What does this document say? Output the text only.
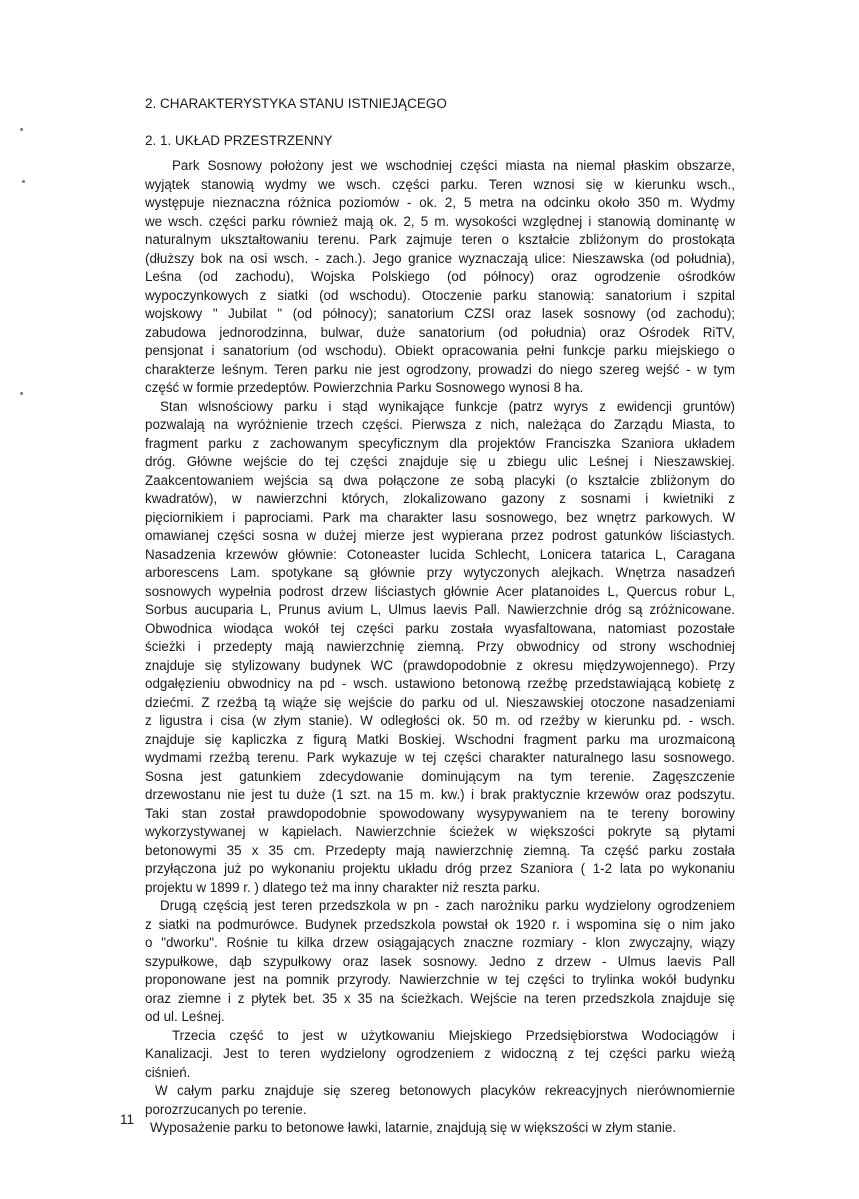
2. CHARAKTERYSTYKA STANU ISTNIEJĄCEGO
2. 1. UKŁAD PRZESTRZENNY
Park Sosnowy położony jest we wschodniej części miasta na niemal płaskim obszarze,
wyjątek stanowią wydmy we wsch. części parku. Teren wznosi się w kierunku wsch.,
występuje nieznaczna różnica poziomów - ok. 2, 5 metra na odcinku około 350 m. Wydmy
we wsch. części parku również mają ok. 2, 5 m. wysokości względnej i stanowią dominantę w
naturalnym ukształtowaniu terenu. Park zajmuje teren o kształcie zbliżonym do prostokąta
(dłuższy bok na osi wsch. - zach.). Jego granice wyznaczają ulice: Nieszawska (od południa),
Leśna (od zachodu), Wojska Polskiego (od północy) oraz ogrodzenie ośrodków
wypoczynkowych z siatki (od wschodu). Otoczenie parku stanowią: sanatorium i szpital
wojskowy " Jubilat " (od północy); sanatorium CZSI oraz lasek sosnowy (od zachodu);
zabudowa jednorodzinna, bulwar, duże sanatorium (od południa) oraz Ośrodek RiTV,
pensjonat i sanatorium (od wschodu). Obiekt opracowania pełni funkcje parku miejskiego o
charakterze leśnym. Teren parku nie jest ogrodzony, prowadzi do niego szereg wejść - w tym
część w formie przedeptów. Powierzchnia Parku Sosnowego wynosi 8 ha.
Stan wlsnościowy parku i stąd wynikające funkcje (patrz wyrys z ewidencji gruntów)
pozwalają na wyróżnienie trzech części. Pierwsza z nich, należąca do Zarządu Miasta, to
fragment parku z zachowanym specyficznym dla projektów Franciszka Szaniora układem
dróg. Główne wejście do tej części znajduje się u zbiegu ulic Leśnej i Nieszawskiej.
Zaakcentowaniem wejścia są dwa połączone ze sobą placyki (o kształcie zbliżonym do
kwadratów), w nawierzchni których, zlokalizowano gazony z sosnami i kwietniki z
pięciornikiem i paprociami. Park ma charakter lasu sosnowego, bez wnętrz parkowych. W
omawianej części sosna w dużej mierze jest wypierana przez podrost gatunków liściastych.
Nasadzenia krzewów głównie: Cotoneaster lucida Schlecht, Lonicera tatarica L, Caragana
arborescens Lam. spotykane są głównie przy wytyczonych alejkach. Wnętrza nasadzeń
sosnowych wypełnia podrost drzew liściastych głównie Acer platanoides L, Quercus robur L,
Sorbus aucuparia L, Prunus avium L, Ulmus laevis Pall. Nawierzchnie dróg są zróżnicowane.
Obwodnica wiodąca wokół tej części parku została wyasfaltowana, natomiast pozostałe
ścieżki i przedepty mają nawierzchnię ziemną. Przy obwodnicy od strony wschodniej
znajduje się stylizowany budynek WC (prawdopodobnie z okresu międzywojennego). Przy
odgałęzieniu obwodnicy na pd - wsch. ustawiono betonową rzeźbę przedstawiającą kobietę z
dziećmi. Z rzeźbą tą wiąże się wejście do parku od ul. Nieszawskiej otoczone nasadzeniami
z ligustra i cisa (w złym stanie). W odległości ok. 50 m. od rzeźby w kierunku pd. - wsch.
znajduje się kapliczka z figurą Matki Boskiej. Wschodni fragment parku ma urozmaiconą
wydmami rzeźbą terenu. Park wykazuje w tej części charakter naturalnego lasu sosnowego.
Sosna jest gatunkiem zdecydowanie dominującym na tym terenie. Zagęszczenie
drzewostanu nie jest tu duże (1 szt. na 15 m. kw.) i brak praktycznie krzewów oraz podszytu.
Taki stan został prawdopodobnie spowodowany wysypywaniem na te tereny borowiny
wykorzystywanej w kąpielach. Nawierzchnie ścieżek w większości pokryte są płytami
betonowymi 35 x 35 cm. Przedepty mają nawierzchnię ziemną. Ta część parku została
przyłączona już po wykonaniu projektu układu dróg przez Szaniora ( 1-2 lata po wykonaniu
projektu w 1899 r. ) dlatego też ma inny charakter niż reszta parku.
Drugą częścią jest teren przedszkola w pn - zach narożniku parku wydzielony ogrodzeniem
z siatki na podmurówce. Budynek przedszkola powstał ok 1920 r. i wspomina się o nim jako
o "dworku". Rośnie tu kilka drzew osiągających znaczne rozmiary - klon zwyczajny, wiązy
szypułkowe, dąb szypułkowy oraz lasek sosnowy. Jedno z drzew - Ulmus laevis Pall
proponowane jest na pomnik przyrody. Nawierzchnie w tej części to trylinka wokół budynku
oraz ziemne i z płytek bet. 35 x 35 na ścieżkach. Wejście na teren przedszkola znajduje się
od ul. Leśnej.
Trzecia część to jest w użytkowaniu Miejskiego Przedsiębiorstwa Wodociągów i
Kanalizacji. Jest to teren wydzielony ogrodzeniem z widoczną z tej części parku wieżą
ciśnień.
W całym parku znajduje się szereg betonowych placyków rekreacyjnych nierównomiernie
porozrzucanych po terenie.
Wyposażenie parku to betonowe ławki, latarnie, znajdują się w większości w złym stanie.
11
